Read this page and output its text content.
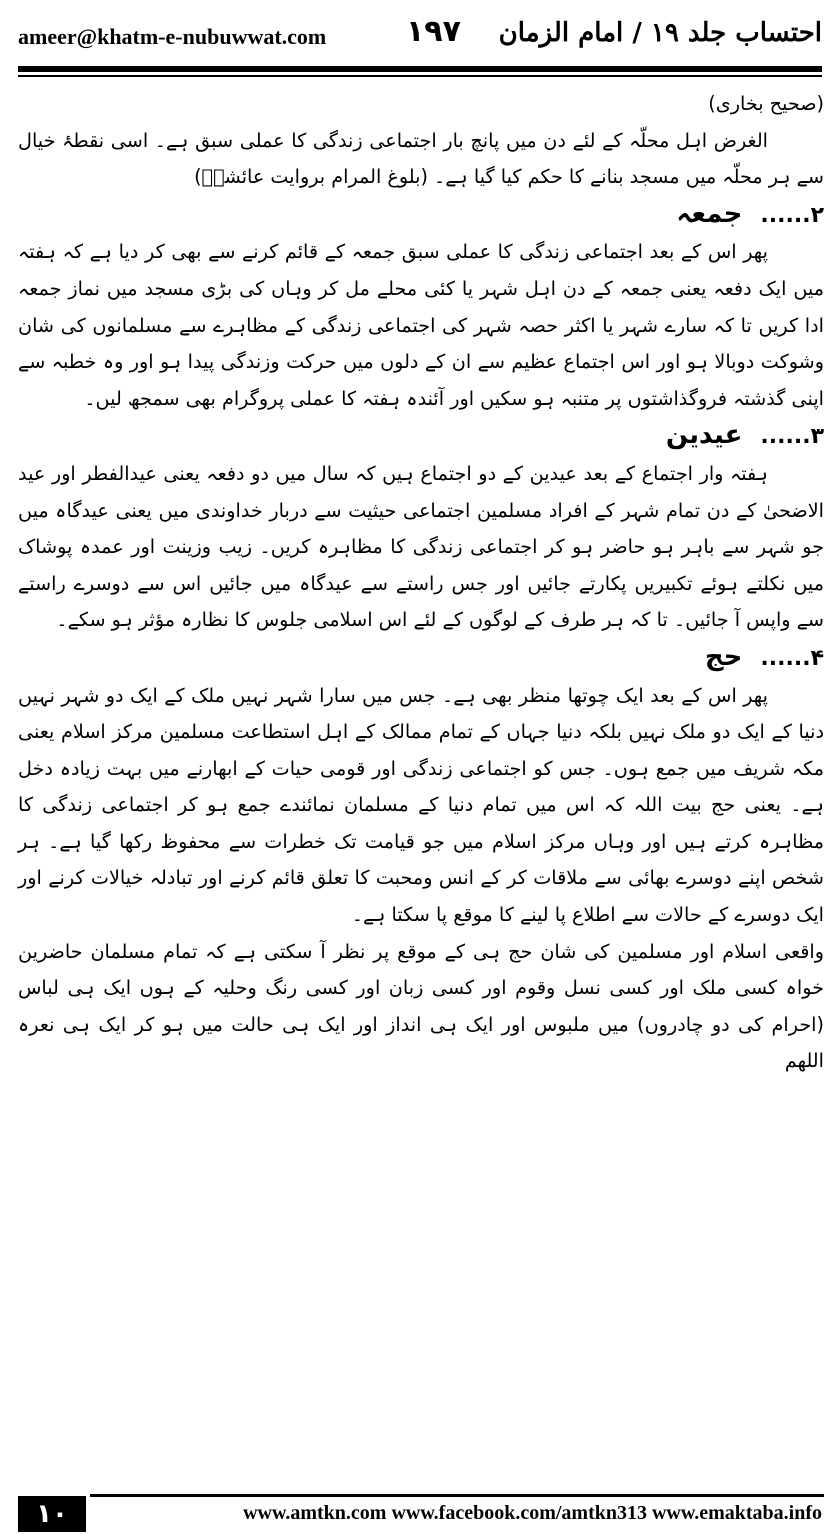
ameer@khatm-e-nubuwwat.com	۱۹۷ احتساب جلد ۱۹ / امام الزمان

(صحیح بخاری)

الغرض اہل محلّہ کے لئے دن میں پانچ بار اجتماعی زندگی کا عملی سبق ہے۔ اسی نقطۂ خیال سے ہر محلّہ میں مسجد بنانے کا حکم کیا گیا ہے۔ (بلوغ المرام بروایت عائشہؓ)

۲......جمعہ

پھر اس کے بعد اجتماعی زندگی کا عملی سبق جمعہ کے قائم کرنے سے بھی کر دیا ہے کہ ہفتہ میں ایک دفعہ یعنی جمعہ کے دن اہل شہر یا کئی محلے مل کر وہاں کی بڑی مسجد میں نماز جمعہ ادا کریں تا کہ سارے شہر یا اکثر حصہ شہر کی اجتماعی زندگی کے مظاہرے سے مسلمانوں کی شان وشوکت دوبالا ہو اور اس اجتماع عظیم سے ان کے دلوں میں حرکت وزندگی پیدا ہو اور وہ خطبہ سے اپنی گذشتہ فروگذاشتوں پر متنبہ ہو سکیں اور آئندہ ہفتہ کا عملی پروگرام بھی سمجھ لیں۔

۳......عیدین

ہفتہ وار اجتماع کے بعد عیدین کے دو اجتماع ہیں کہ سال میں دو دفعہ یعنی عیدالفطر اور عید الاضحیٰ کے دن تمام شہر کے افراد مسلمین اجتماعی حیثیت سے دربار خداوندی میں یعنی عیدگاہ میں جو شہر سے باہر ہو حاضر ہو کر اجتماعی زندگی کا مظاہرہ کریں۔ زیب وزینت اور عمدہ پوشاک میں نکلتے ہوئے تکبیریں پکارتے جائیں اور جس راستے سے عیدگاہ میں جائیں اس سے دوسرے راستے سے واپس آ جائیں۔ تا کہ ہر طرف کے لوگوں کے لئے اس اسلامی جلوس کا نظارہ مؤثر ہو سکے۔

۴......حج

پھر اس کے بعد ایک چوتھا منظر بھی ہے۔ جس میں سارا شہر نہیں ملک کے ایک دو شہر نہیں دنیا کے ایک دو ملک نہیں بلکہ دنیا جہاں کے تمام ممالک کے اہل استطاعت مسلمین مرکز اسلام یعنی مکہ شریف میں جمع ہوں۔ جس کو اجتماعی زندگی اور قومی حیات کے ابھارنے میں بہت زیادہ دخل ہے۔ یعنی حج بیت اللہ کہ اس میں تمام دنیا کے مسلمان نمائندے جمع ہو کر اجتماعی زندگی کا مظاہرہ کرتے ہیں اور وہاں مرکز اسلام میں جو قیامت تک خطرات سے محفوظ رکھا گیا ہے۔ ہر شخص اپنے دوسرے بھائی سے ملاقات کر کے انس ومحبت کا تعلق قائم کرنے اور تبادلہ خیالات کرنے اور ایک دوسرے کے حالات سے اطلاع پا لینے کا موقع پا سکتا ہے۔

واقعی اسلام اور مسلمین کی شان حج ہی کے موقع پر نظر آ سکتی ہے کہ تمام مسلمان حاضرین خواہ کسی ملک اور کسی نسل وقوم اور کسی زبان اور کسی رنگ وحلیہ کے ہوں ایک ہی لباس (احرام کی دو چادروں) میں ملبوس اور ایک ہی انداز اور ایک ہی حالت میں ہو کر ایک ہی نعرہ اللھم

۱۰	www.amtkn.com www.facebook.com/amtkn313 www.emaktaba.info
